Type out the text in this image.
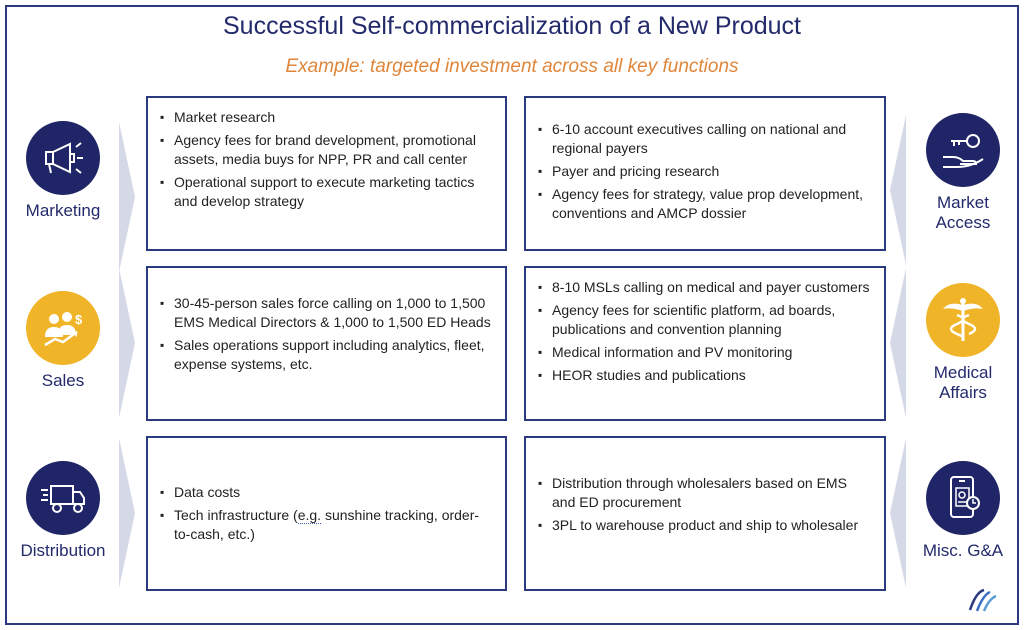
Successful Self-commercialization of a New Product
Example: targeted investment across all key functions
Marketing
$
Sales
Distribution
Market
Access
Medical
Affairs
Misc. G&A
▪ Market research
▪ Agency fees for brand development, promotional assets, media buys for NPP, PR and call center
▪ Operational support to execute marketing tactics and develop strategy
▪ 6-10 account executives calling on national and regional payers
▪ Payer and pricing research
▪ Agency fees for strategy, value prop development, conventions and AMCP dossier
▪ 30-45-person sales force calling on 1,000 to 1,500 EMS Medical Directors & 1,000 to 1,500 ED Heads
▪ Sales operations support including analytics, fleet, expense systems, etc.
▪ 8-10 MSLs calling on medical and payer customers
▪ Agency fees for scientific platform, ad boards, publications and convention planning
▪ Medical information and PV monitoring
▪ HEOR studies and publications
▪ Data costs
▪ Tech infrastructure (e.g. sunshine tracking, order-to-cash, etc.)
▪ Distribution through wholesalers based on EMS and ED procurement
▪ 3PL to warehouse product and ship to wholesaler
